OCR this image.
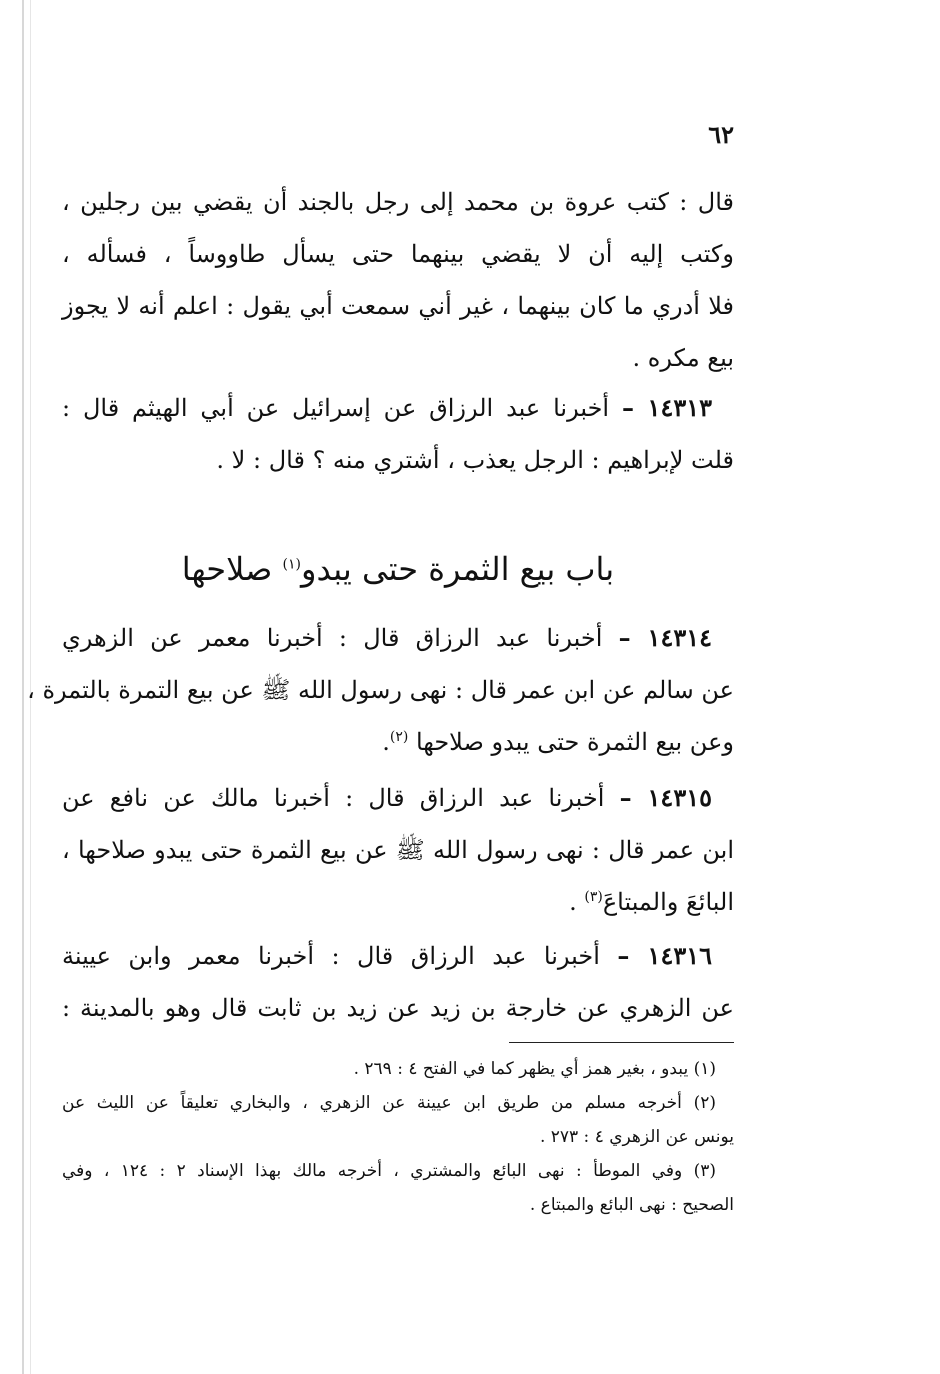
٦٢
قال : كتب عروة بن محمد إلى رجل بالجند أن يقضي بين رجلين ،
وكتب إليه أن لا يقضي بينهما حتى يسأل طاووساً ، فسأله ،
فلا أدري ما كان بينهما ، غير أني سمعت أبي يقول : اعلم أنه لا يجوز
بيع مكره .
١٤٣١٣ – أخبرنا عبد الرزاق عن إسرائيل عن أبي الهيثم قال :
قلت لإبراهيم : الرجل يعذب ، أشتري منه ؟ قال : لا .
باب بيع الثمرة حتى يبدو$^{(١)}$ صلاحها
١٤٣١٤ – أخبرنا عبد الرزاق قال : أخبرنا معمر عن الزهري
عن سالم عن ابن عمر قال : نهى رسول الله ﷺ عن بيع التمرة بالتمرة ،
وعن بيع الثمرة حتى يبدو صلاحها $^{(٢)}$.
١٤٣١٥ – أخبرنا عبد الرزاق قال : أخبرنا مالك عن نافع عن
ابن عمر قال : نهى رسول الله ﷺ عن بيع الثمرة حتى يبدو صلاحها ،
البائعَ والمبتاعَ$^{(٣)}$ .
١٤٣١٦ – أخبرنا عبد الرزاق قال : أخبرنا معمر وابن عيينة
عن الزهري عن خارجة بن زيد عن زيد بن ثابت قال وهو بالمدينة :
(١) يبدو ، بغير همز أي يظهر كما في الفتح ٤ : ٢٦٩ .
(٢) أخرجه مسلم من طريق ابن عيينة عن الزهري ، والبخاري تعليقاً عن الليث عن
يونس عن الزهري ٤ : ٢٧٣ .
(٣) وفي الموطأ : نهى البائع والمشتري ، أخرجه مالك بهذا الإسناد ٢ : ١٢٤ ، وفي
الصحيح : نهى البائع والمبتاع .
